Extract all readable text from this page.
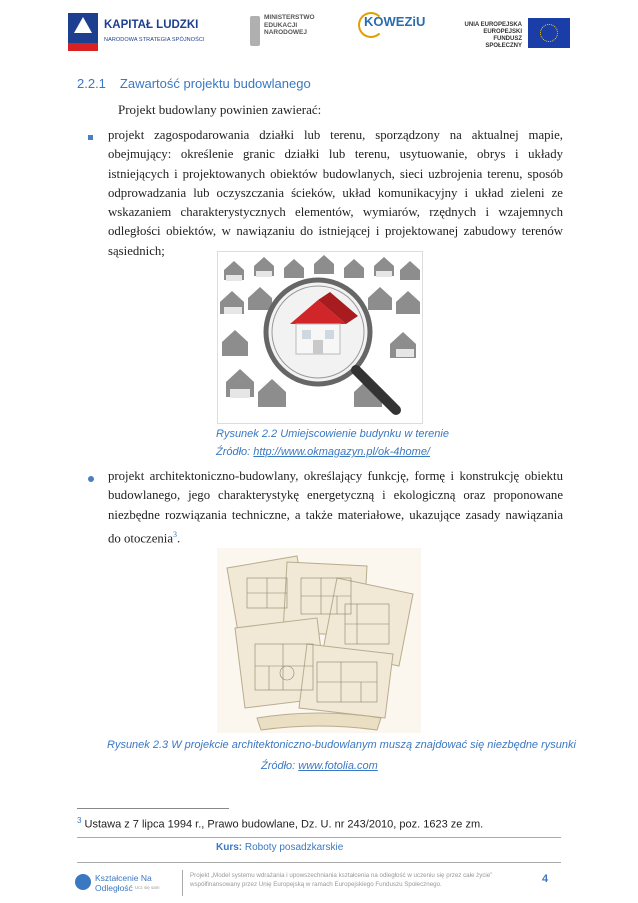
KAPITAŁ LUDZKI
NARODOWA STRATEGIA SPÓJNOŚCI
MINISTERSTWO
EDUKACJI
NARODOWEJ
KOWEZiU	UNIA EUROPEJSKA
EUROPEJSKI
FUNDUSZ SPOŁECZNY
2.2.1 Zawartość projektu budowlanego
Projekt budowlany powinien zawierać:

projekt zagospodarowania działki lub terenu, sporządzony na aktualnej mapie, obejmujący: określenie granic działki lub terenu, usytuowanie, obrys i układy istniejących i projektowanych obiektów budowlanych, sieci uzbrojenia terenu, sposób odprowadzania lub oczyszczania ścieków, układ komunikacyjny i układ zieleni ze wskazaniem charakterystycznych elementów, wymiarów, rzędnych i wzajemnych odległości obiektów, w nawiązaniu do istniejącej i projektowanej zabudowy terenów sąsiednich;

Rysunek 2.2 Umiejscowienie budynku w terenie
Źródło: http://www.okmagazyn.pl/ok-4home/

projekt architektoniczno-budowlany, określający funkcję, formę i konstrukcję obiektu budowlanego, jego charakterystykę energetyczną i ekologiczną oraz proponowane niezbędne rozwiązania techniczne, a także materiałowe, ukazujące zasady nawiązania do otoczenia$^3$.

Rysunek 2.3 W projekcie architektoniczno-budowlanym muszą znajdować się niezbędne rysunki
Źródło: www.fotolia.com
$^3$ Ustawa z 7 lipca 1994 r., Prawo budowlane, Dz. U. nr 243/2010, poz. 1623 ze zm.
Kurs: Roboty posadzkarskie
Kształcenie Na Odległość Ucz się sam
Projekt „Model systemu wdrażania i upowszechniania kształcenia na odległość w uczeniu się przez całe życie” współfinansowany przez Unię Europejską w ramach Europejskiego Funduszu Społecznego.	4
